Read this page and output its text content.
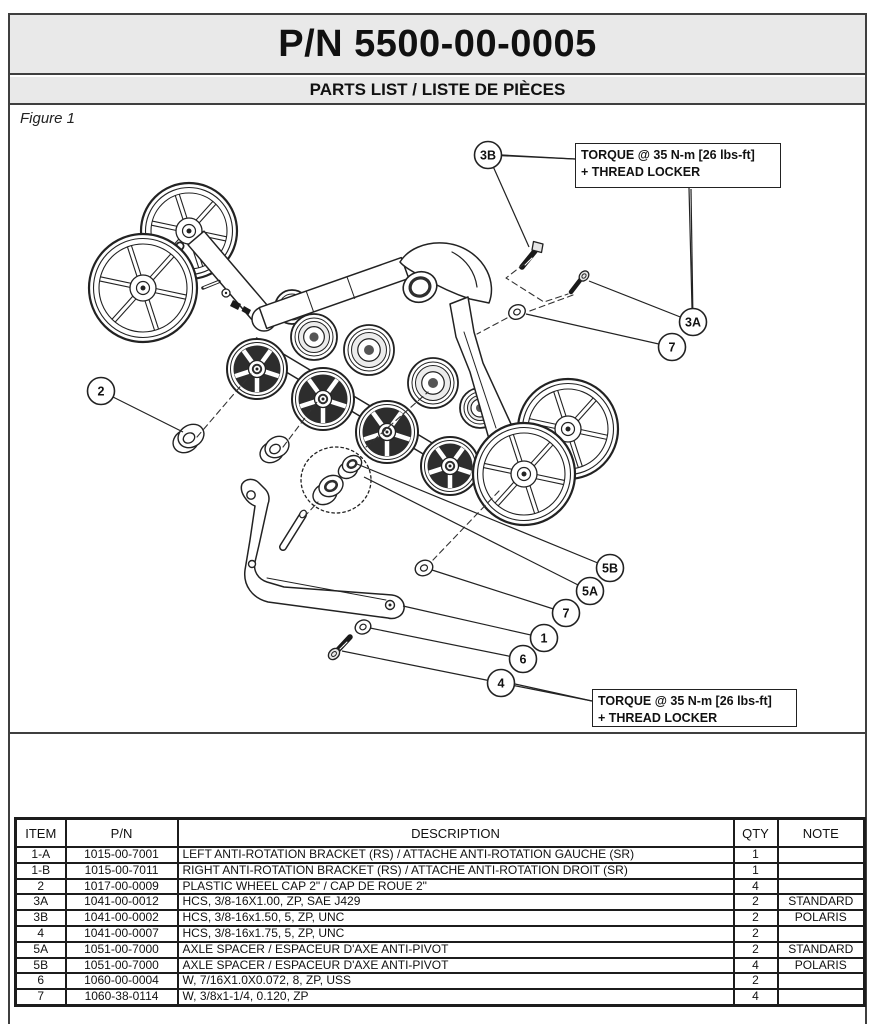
P/N 5500-00-0005
PARTS LIST / LISTE DE PIÈCES
Figure 1
2
3B
3A
7
5B
5A
7
1
6
4
ITEM	P/N	DESCRIPTION	QTY	NOTE
1-A	1015-00-7001	LEFT ANTI-ROTATION BRACKET (RS) / ATTACHE ANTI-ROTATION GAUCHE (SR)	1	
1-B	1015-00-7011	RIGHT ANTI-ROTATION BRACKET (RS) / ATTACHE ANTI-ROTATION DROIT (SR)	1	
2	1017-00-0009	PLASTIC WHEEL CAP 2" / CAP DE ROUE 2"	4	
3A	1041-00-0012	HCS, 3/8-16X1.00, ZP, SAE J429	2	STANDARD
3B	1041-00-0002	HCS, 3/8-16x1.50, 5, ZP, UNC	2	POLARIS
4	1041-00-0007	HCS, 3/8-16x1.75, 5, ZP, UNC	2	
5A	1051-00-7000	AXLE SPACER / ESPACEUR D'AXE ANTI-PIVOT	2	STANDARD
5B	1051-00-7000	AXLE SPACER / ESPACEUR D'AXE ANTI-PIVOT	4	POLARIS
6	1060-00-0004	W, 7/16X1.0X0.072, 8, ZP, USS	2	
7	1060-38-0114	W, 3/8x1-1/4, 0.120, ZP	4	
TORQUE @ 35 N-m [26 lbs-ft]
+ THREAD LOCKER
TORQUE @ 35 N-m [26 lbs-ft]
+ THREAD LOCKER
